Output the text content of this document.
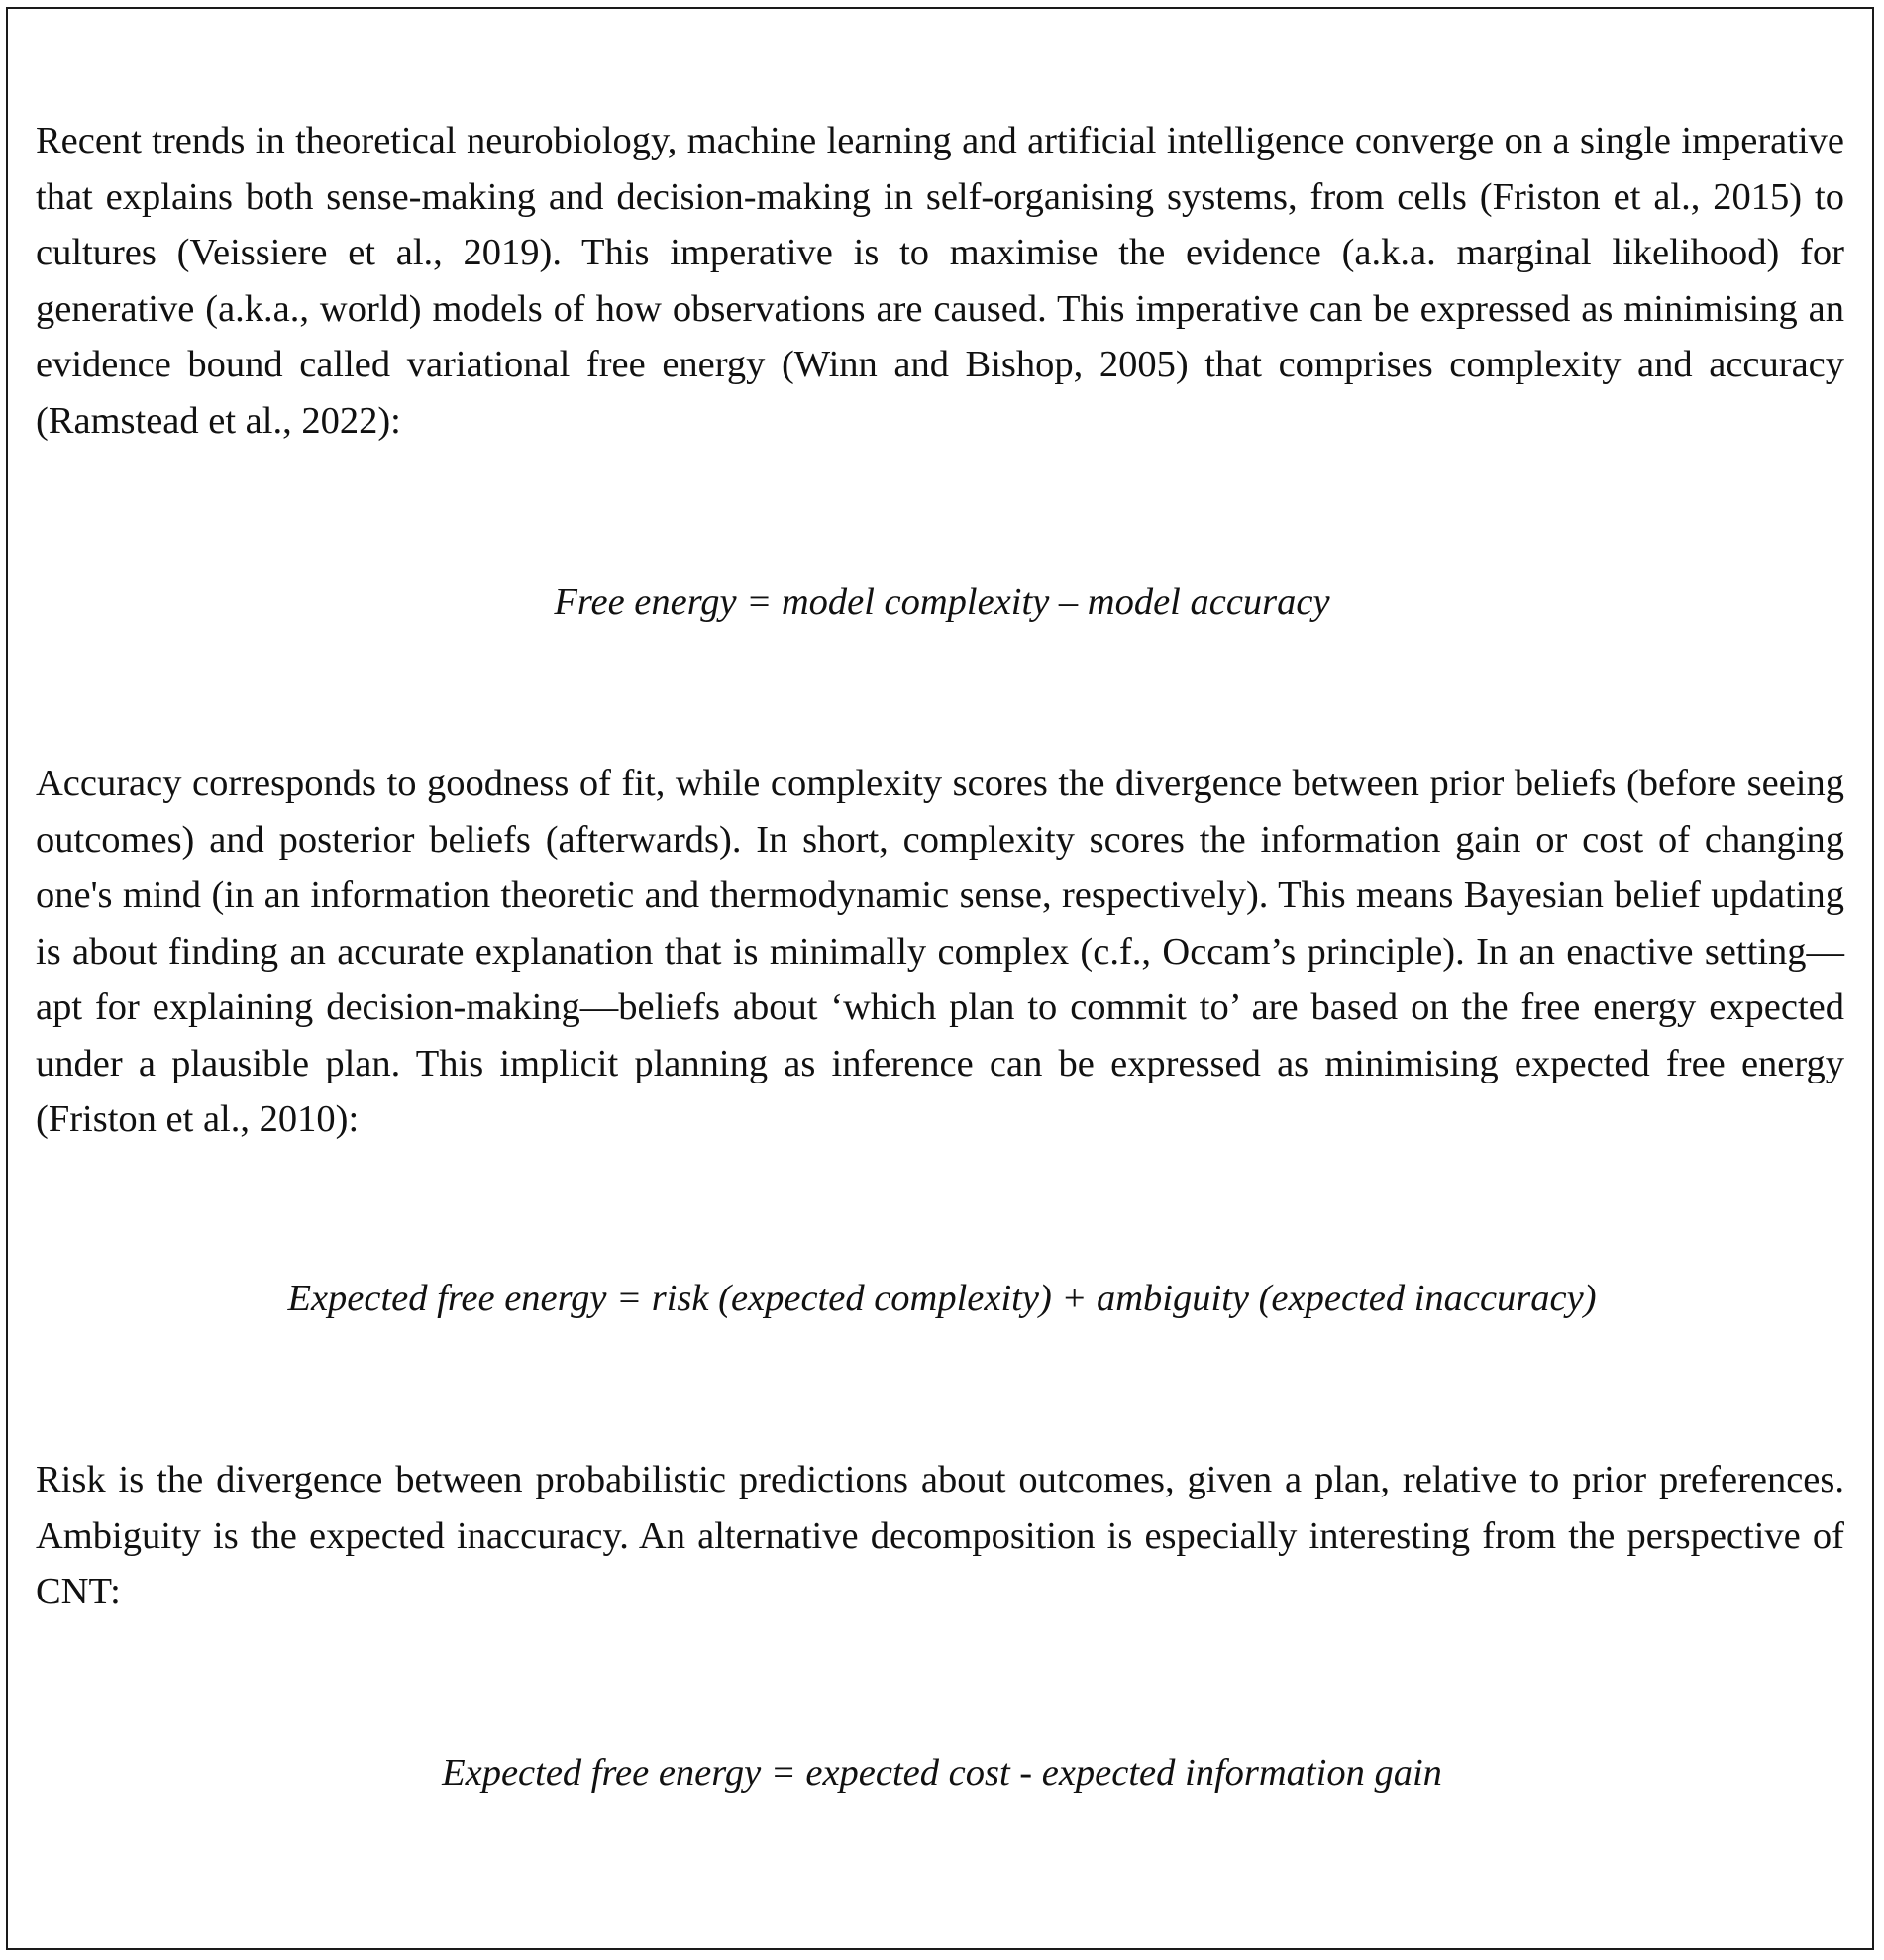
Recent trends in theoretical neurobiology, machine learning and artificial intelligence converge on a single imperative that explains both sense-making and decision-making in self-organising systems, from cells (Friston et al., 2015) to cultures (Veissiere et al., 2019). This imperative is to maximise the evidence (a.k.a. marginal likelihood) for generative (a.k.a., world) models of how observations are caused. This imperative can be expressed as minimising an evidence bound called variational free energy (Winn and Bishop, 2005) that comprises complexity and accuracy (Ramstead et al., 2022):

Free energy = model complexity – model accuracy

Accuracy corresponds to goodness of fit, while complexity scores the divergence between prior beliefs (before seeing outcomes) and posterior beliefs (afterwards). In short, complexity scores the information gain or cost of changing one's mind (in an information theoretic and thermodynamic sense, respectively). This means Bayesian belief updating is about finding an accurate explanation that is minimally complex (c.f., Occam’s principle). In an enactive setting—apt for explaining decision-making—beliefs about ‘which plan to commit to’ are based on the free energy expected under a plausible plan. This implicit planning as inference can be expressed as minimising expected free energy (Friston et al., 2010):

Expected free energy = risk (expected complexity) + ambiguity (expected inaccuracy)

Risk is the divergence between probabilistic predictions about outcomes, given a plan, relative to prior preferences. Ambiguity is the expected inaccuracy. An alternative decomposition is especially interesting from the perspective of CNT:

Expected free energy = expected cost - expected information gain
